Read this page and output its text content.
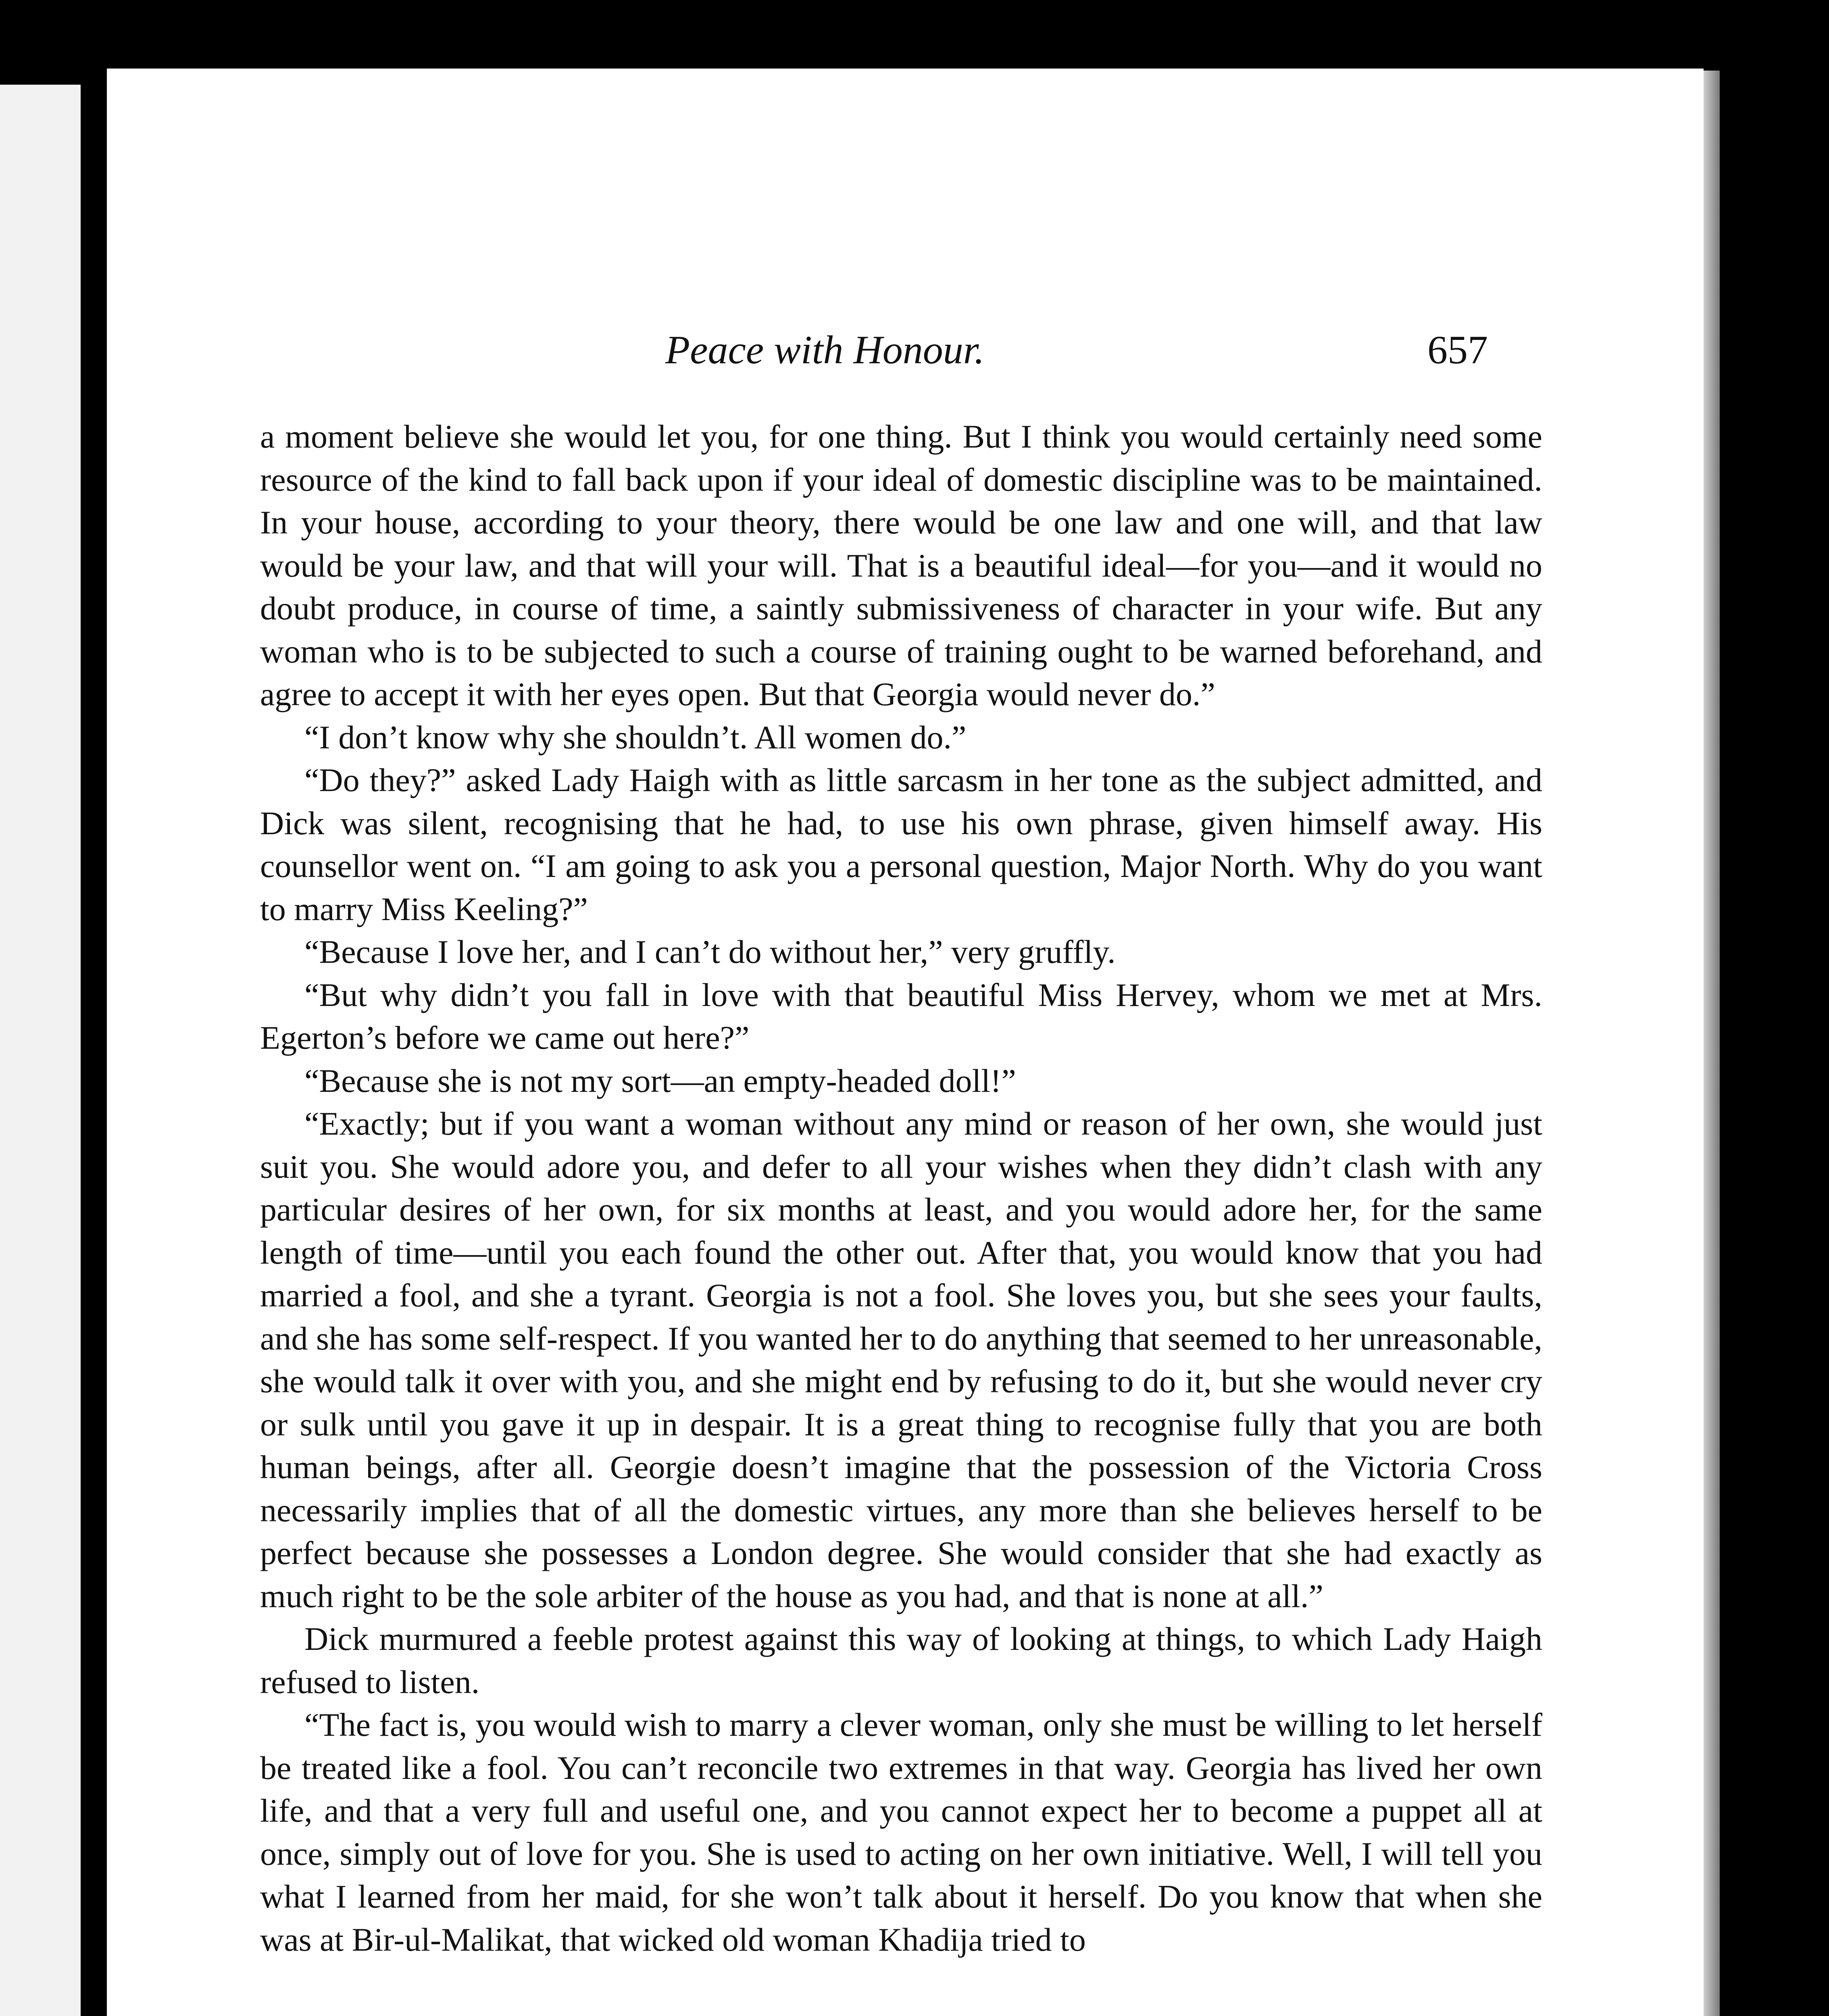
Peace with Honour.	657

a moment believe she would let you, for one thing. But I think you would certainly need some resource of the kind to fall back upon if your ideal of domestic discipline was to be maintained. In your house, according to your theory, there would be one law and one will, and that law would be your law, and that will your will. That is a beautiful ideal—for you—and it would no doubt produce, in course of time, a saintly submissiveness of character in your wife. But any woman who is to be subjected to such a course of training ought to be warned beforehand, and agree to accept it with her eyes open. But that Georgia would never do.”

“I don’t know why she shouldn’t. All women do.”

“Do they?” asked Lady Haigh with as little sarcasm in her tone as the subject admitted, and Dick was silent, recognising that he had, to use his own phrase, given himself away. His counsellor went on. “I am going to ask you a personal question, Major North. Why do you want to marry Miss Keeling?”

“Because I love her, and I can’t do without her,” very gruffly.

“But why didn’t you fall in love with that beautiful Miss Hervey, whom we met at Mrs. Egerton’s before we came out here?”

“Because she is not my sort—an empty-headed doll!”

“Exactly; but if you want a woman without any mind or reason of her own, she would just suit you. She would adore you, and defer to all your wishes when they didn’t clash with any particular desires of her own, for six months at least, and you would adore her, for the same length of time—until you each found the other out. After that, you would know that you had married a fool, and she a tyrant. Georgia is not a fool. She loves you, but she sees your faults, and she has some self-respect. If you wanted her to do anything that seemed to her unreasonable, she would talk it over with you, and she might end by refusing to do it, but she would never cry or sulk until you gave it up in despair. It is a great thing to recognise fully that you are both human beings, after all. Georgie doesn’t imagine that the possession of the Victoria Cross necessarily implies that of all the domestic virtues, any more than she believes herself to be perfect because she possesses a London degree. She would consider that she had exactly as much right to be the sole arbiter of the house as you had, and that is none at all.”

Dick murmured a feeble protest against this way of looking at things, to which Lady Haigh refused to listen.

“The fact is, you would wish to marry a clever woman, only she must be willing to let herself be treated like a fool. You can’t reconcile two extremes in that way. Georgia has lived her own life, and that a very full and useful one, and you cannot expect her to become a puppet all at once, simply out of love for you. She is used to acting on her own initiative. Well, I will tell you what I learned from her maid, for she won’t talk about it herself. Do you know that when she was at Bir-ul-Malikat, that wicked old woman Khadija tried to
